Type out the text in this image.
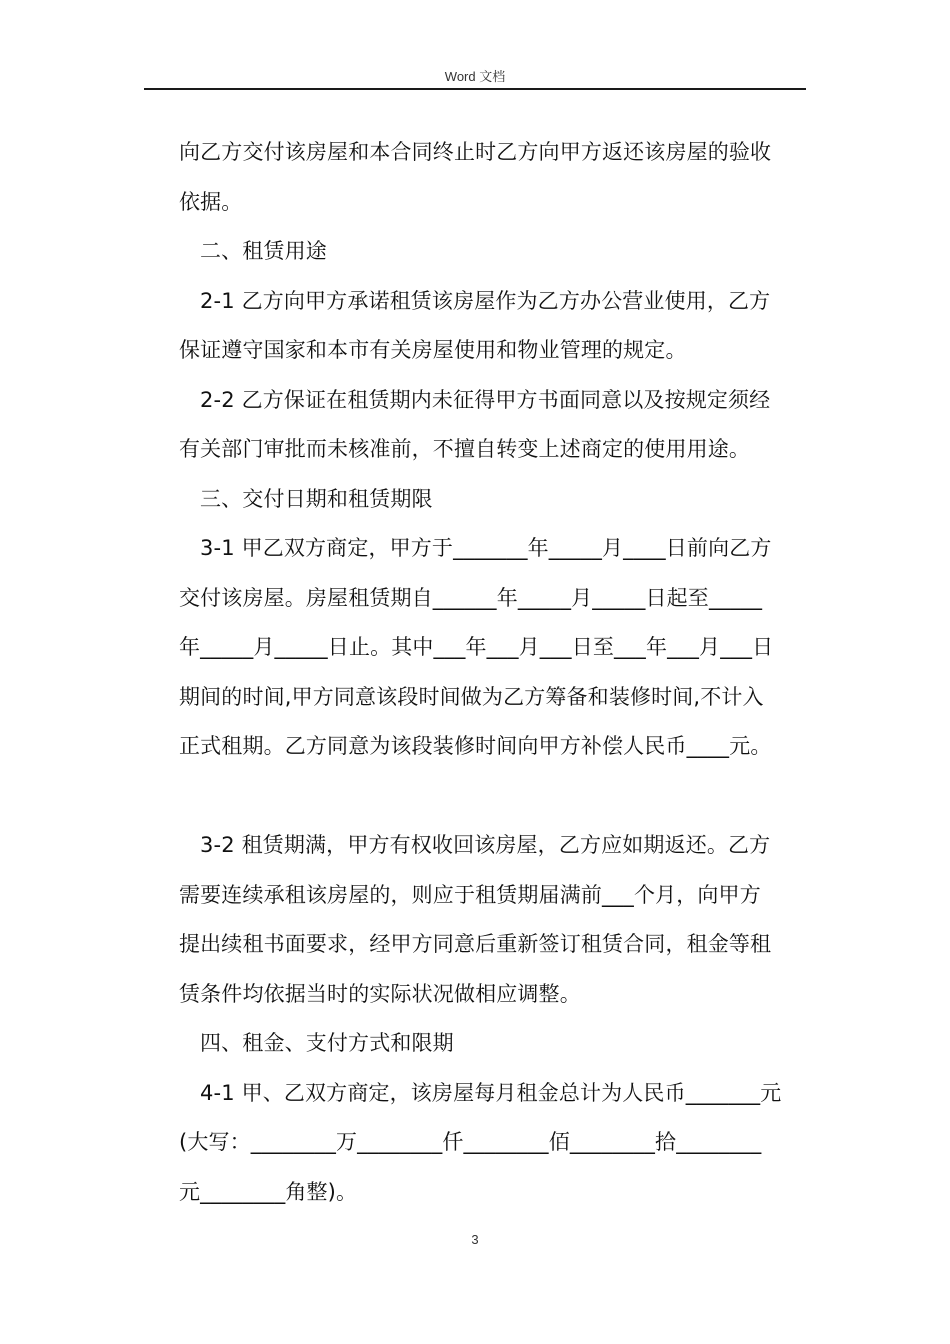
Word 文档
向乙方交付该房屋和本合同终止时乙方向甲方返还该房屋的验收
依据。
二、租赁用途
2-1 乙方向甲方承诺租赁该房屋作为乙方办公营业使用，乙方
保证遵守国家和本市有关房屋使用和物业管理的规定。
2-2 乙方保证在租赁期内未征得甲方书面同意以及按规定须经
有关部门审批而未核准前，不擅自转变上述商定的使用用途。
三、交付日期和租赁期限
3-1 甲乙双方商定，甲方于_______年_____月____日前向乙方
交付该房屋。房屋租赁期自______年_____月_____日起至_____
年_____月_____日止。其中___年___月___日至___年___月___日
期间的时间,甲方同意该段时间做为乙方筹备和装修时间,不计入
正式租期。乙方同意为该段装修时间向甲方补偿人民币____元。
3-2 租赁期满，甲方有权收回该房屋，乙方应如期返还。乙方
需要连续承租该房屋的，则应于租赁期届满前___个月，向甲方
提出续租书面要求，经甲方同意后重新签订租赁合同，租金等租
赁条件均依据当时的实际状况做相应调整。
四、租金、支付方式和限期
4-1 甲、乙双方商定，该房屋每月租金总计为人民币_______元
(大写：________万________仟________佰________拾________
元________角整)。
3
